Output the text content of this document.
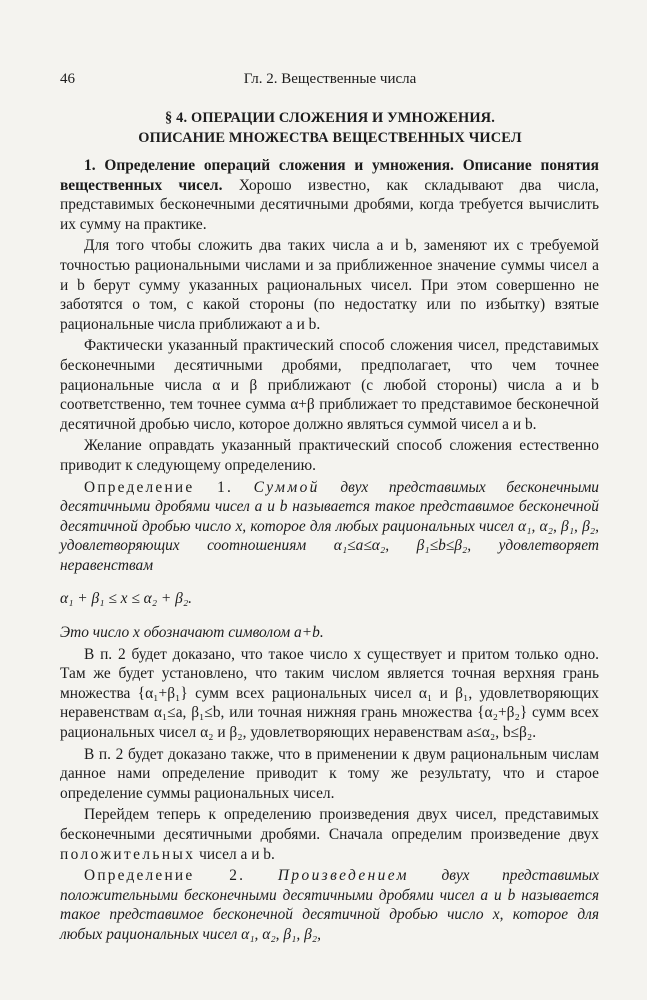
46	Гл. 2. Вещественные числа
§ 4. ОПЕРАЦИИ СЛОЖЕНИЯ И УМНОЖЕНИЯ.
ОПИСАНИЕ МНОЖЕСТВА ВЕЩЕСТВЕННЫХ ЧИСЕЛ

1. Определение операций сложения и умножения. Описание понятия вещественных чисел. Хорошо известно, как складывают два числа, представимых бесконечными десятичными дробями, когда требуется вычислить их сумму на практике.

Для того чтобы сложить два таких числа a и b, заменяют их с требуемой точностью рациональными числами и за приближенное значение суммы чисел a и b берут сумму указанных рациональных чисел. При этом совершенно не заботятся о том, с какой стороны (по недостатку или по избытку) взятые рациональные числа приближают a и b.

Фактически указанный практический способ сложения чисел, представимых бесконечными десятичными дробями, предполагает, что чем точнее рациональные числа α и β приближают (с любой стороны) числа a и b соответственно, тем точнее сумма α+β приближает то представимое бесконечной десятичной дробью число, которое должно являться суммой чисел a и b.

Желание оправдать указанный практический способ сложения естественно приводит к следующему определению.

Определение 1. Суммой двух представимых бесконечными десятичными дробями чисел a и b называется такое представимое бесконечной десятичной дробью число x, которое для любых рациональных чисел α₁, α₂, β₁, β₂, удовлетворяющих соотношениям α₁≤a≤α₂, β₁≤b≤β₂, удовлетворяет неравенствам

α₁ + β₁ ≤ x ≤ α₂ + β₂.

Это число x обозначают символом a+b.

В п. 2 будет доказано, что такое число x существует и притом только одно. Там же будет установлено, что таким числом является точная верхняя грань множества {α₁+β₁} сумм всех рациональных чисел α₁ и β₁, удовлетворяющих неравенствам α₁≤a, β₁≤b, или точная нижняя грань множества {α₂+β₂} сумм всех рациональных чисел α₂ и β₂, удовлетворяющих неравенствам a≤α₂, b≤β₂.

В п. 2 будет доказано также, что в применении к двум рациональным числам данное нами определение приводит к тому же результату, что и старое определение суммы рациональных чисел.

Перейдем теперь к определению произведения двух чисел, представимых бесконечными десятичными дробями. Сначала определим произведение двух положительных чисел a и b.

Определение 2. Произведением двух представимых положительными бесконечными десятичными дробями чисел a и b называется такое представимое бесконечной десятичной дробью число x, которое для любых рациональных чисел α₁, α₂, β₁, β₂,
